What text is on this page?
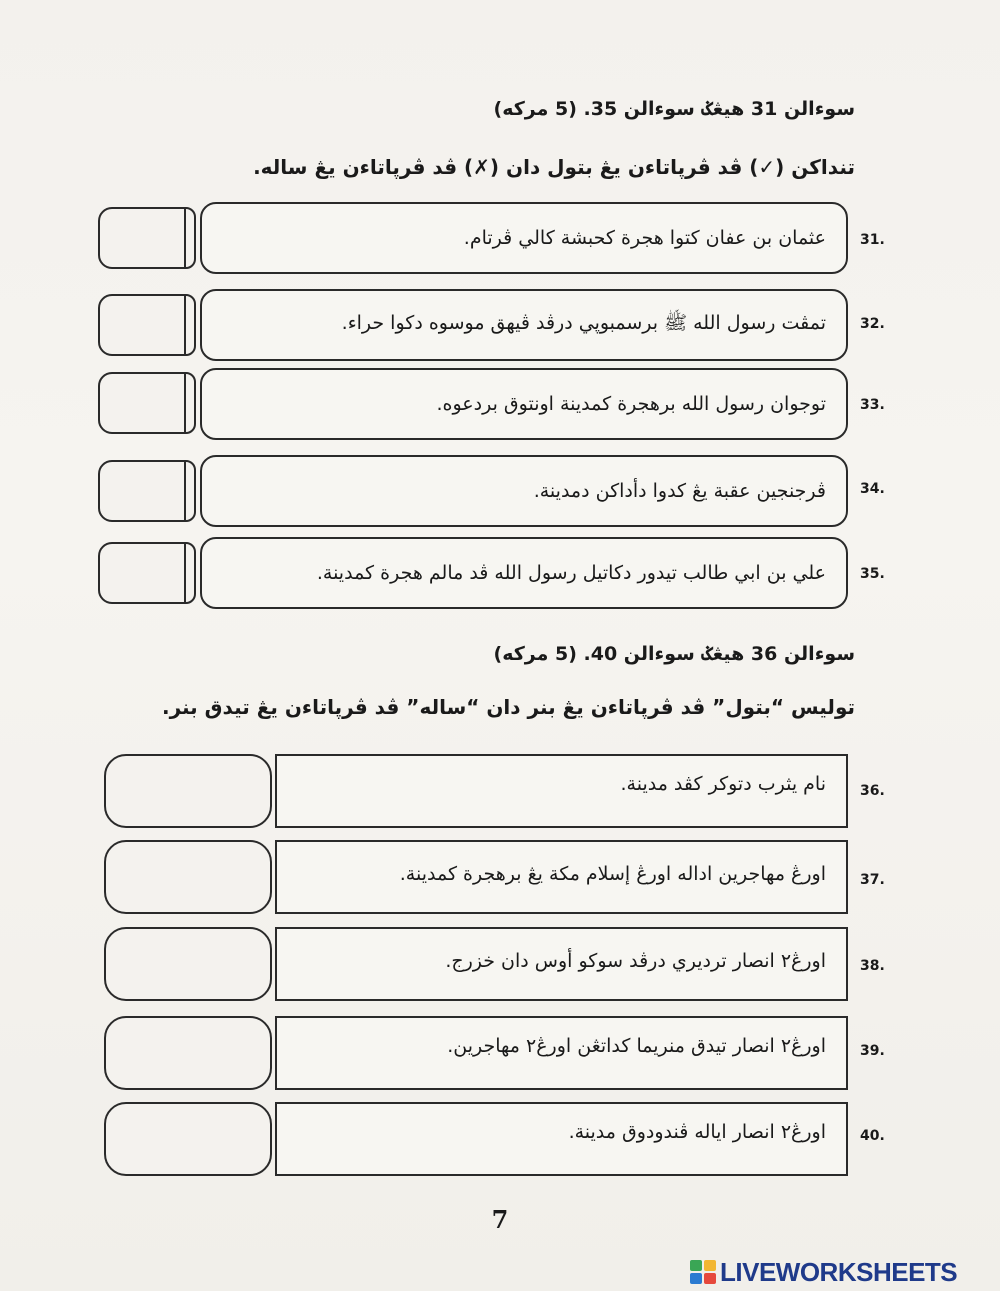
سوءالن 31 هيڠݢ سوءالن 35. (5 مركه)
تنداكن (✓) ڤد ڤرپاتاءن يڠ بتول دان (✗) ڤد ڤرپاتاءن يڠ ساله.
عثمان بن عفان كتوا هجرة كحبشة كالي ڤرتام. 31.
تمڤت رسول الله ﷺ برسمبوپي درڤد ڤيهق موسوه دكوا حراء. 32.
توجوان رسول الله برهجرة كمدينة اونتوق بردعوه. 33.
ڤرجنجين عقبة يڠ كدوا دأداكن دمدينة. 34.
علي بن ابي طالب تيدور دكاتيل رسول الله ڤد مالم هجرة كمدينة. 35.
سوءالن 36 هيڠݢ سوءالن 40. (5 مركه)
توليس “بتول” ڤد ڤرپاتاءن يڠ بنر دان “ساله” ڤد ڤرپاتاءن يڠ تيدق بنر.
نام يثرب دتوكر كڤد مدينة. 36.
اورڠ مهاجرين اداله اورڠ إسلام مكة يڠ برهجرة كمدينة. 37.
اورڠ٢ انصار ترديري درڤد سوكو أوس دان خزرج. 38.
اورڠ٢ انصار تيدق منريما كداتڠن اورڠ٢ مهاجرين. 39.
اورڠ٢ انصار اياله ڤندودوق مدينة. 40.
7
LIVEWORKSHEETS
